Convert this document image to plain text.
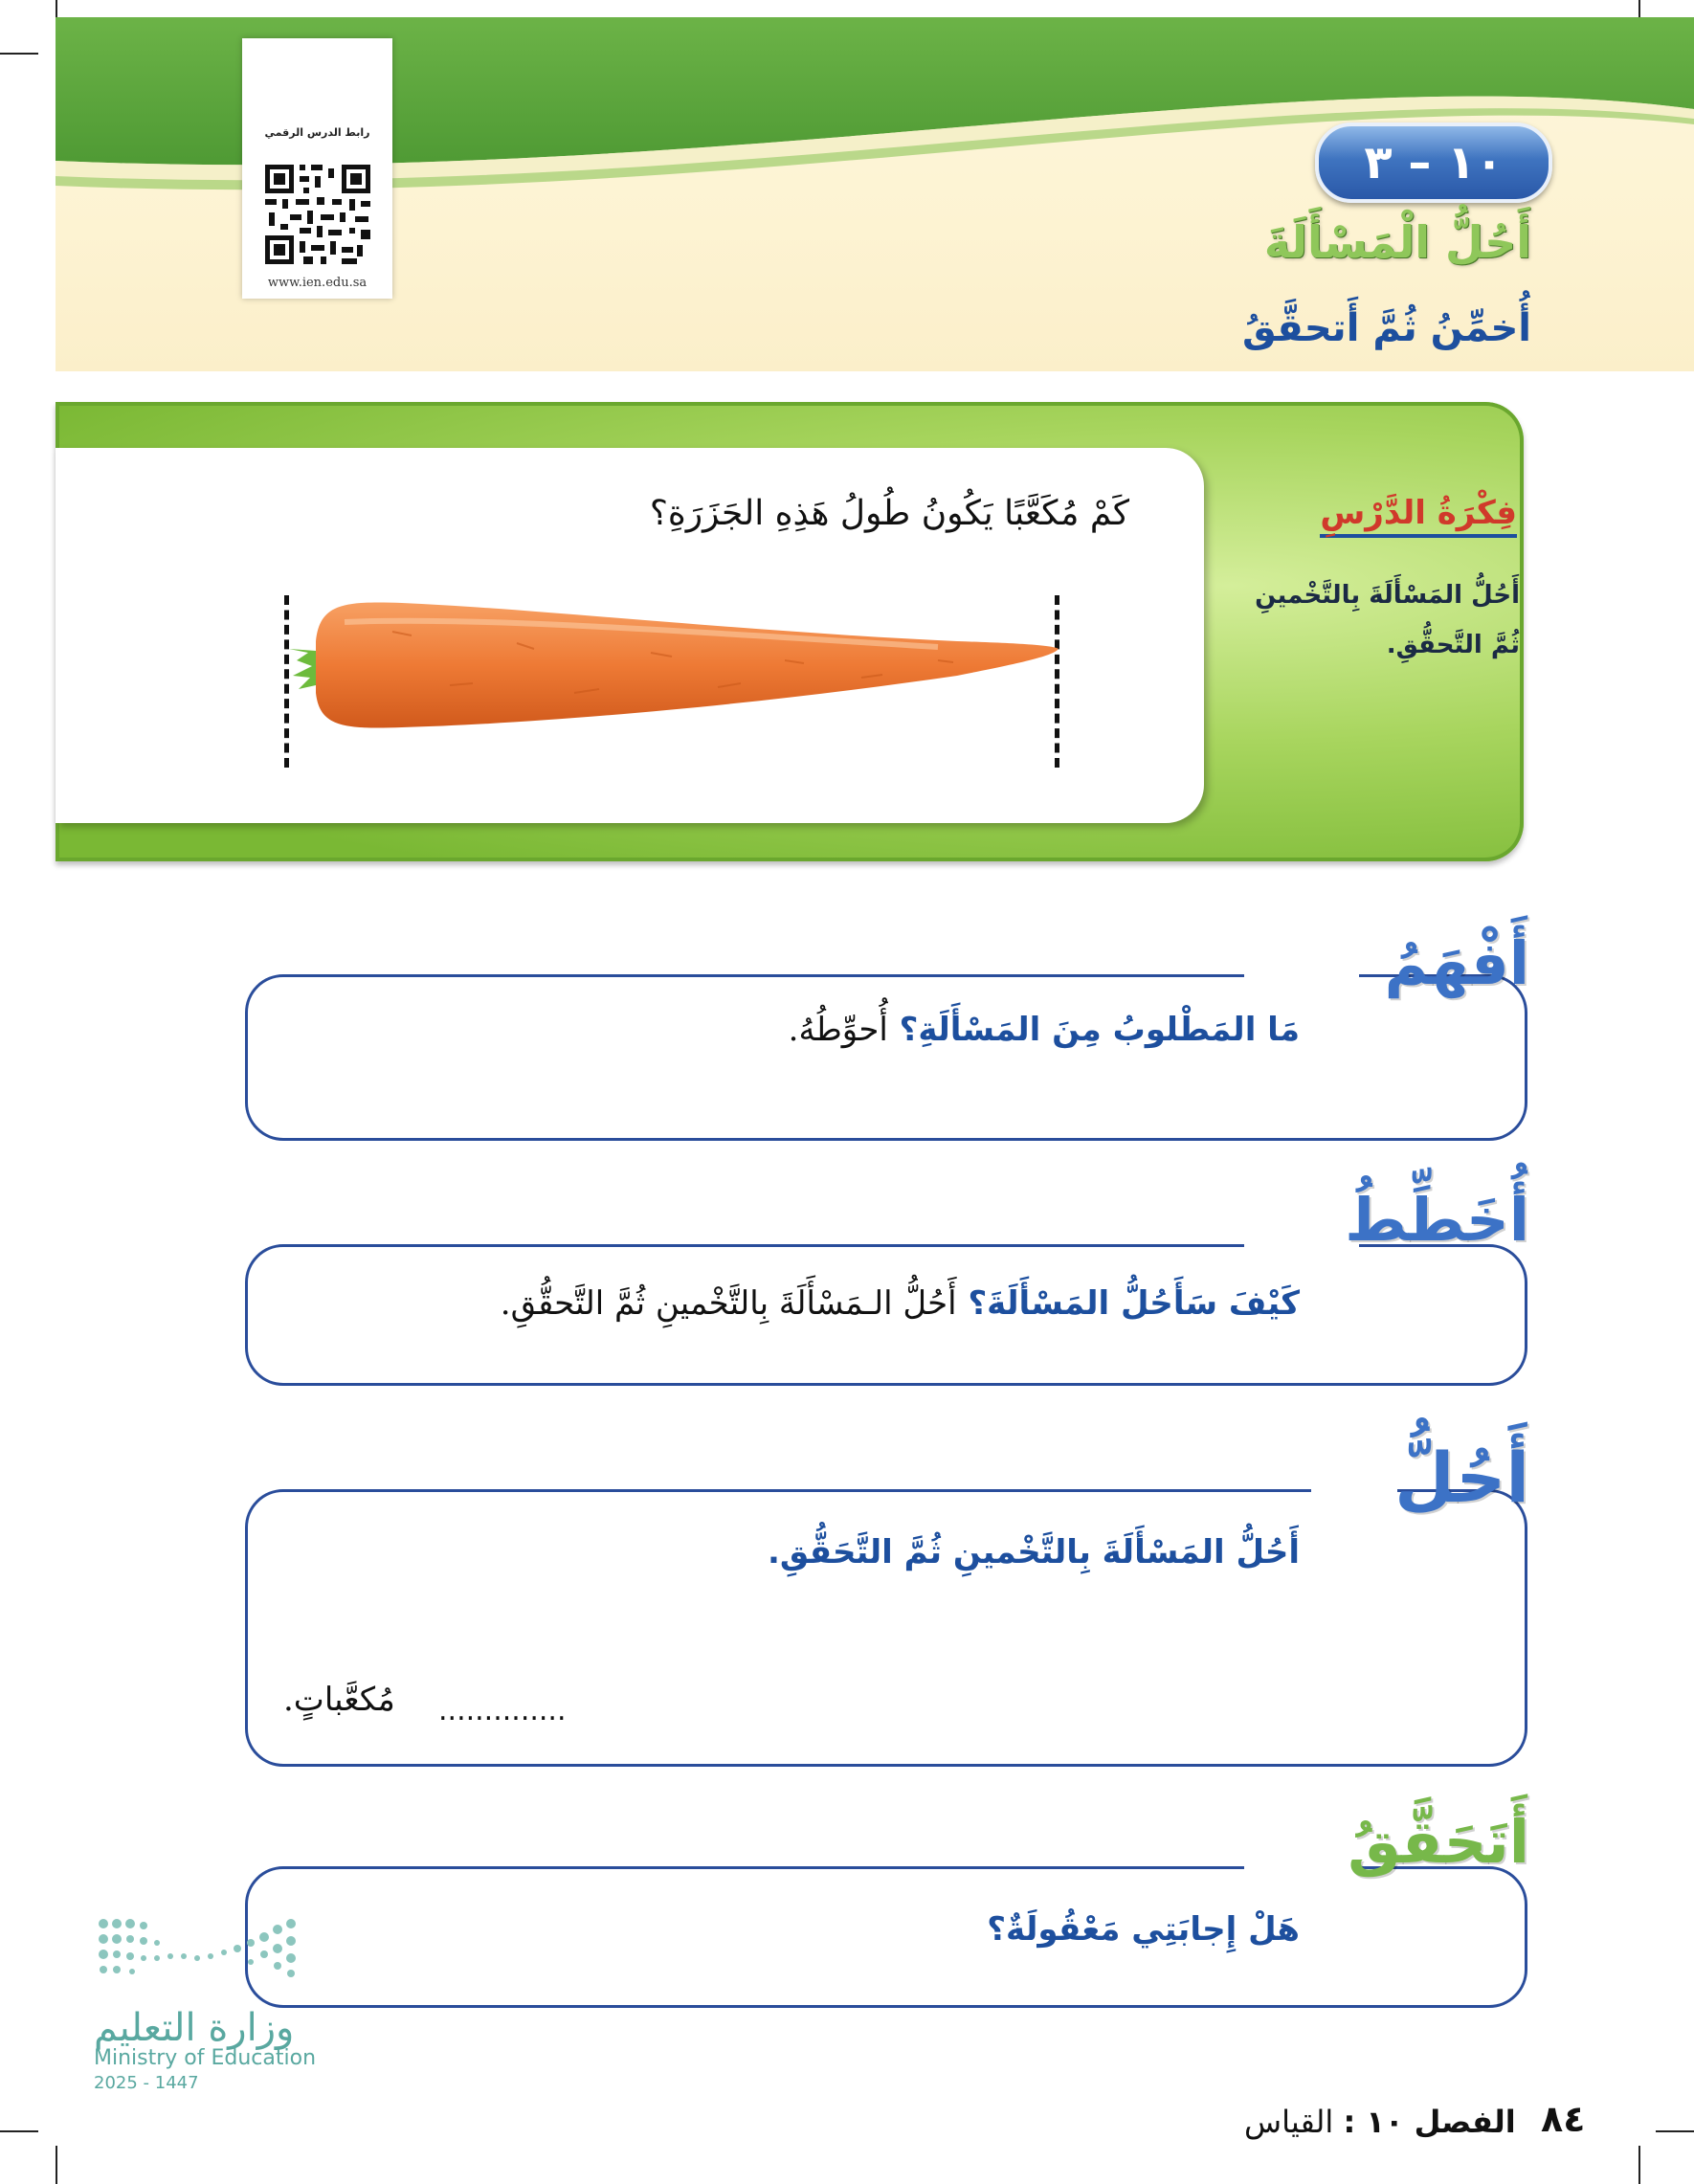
رابط الدرس الرقمي
www.ien.edu.sa
١٠ – ٣
أَحُلُّ الْمَسْأَلَةَ
أُخمِّنُ ثُمَّ أَتحقَّقُ
فِكْرَةُ الدَّرْسِ
أَحُلُّ المَسْأَلَةَ بِالتَّخْمينِ ثُمَّ التَّحقُّقِ.
كَمْ مُكَعَّبًا يَكُونُ طُولُ هَذِهِ الجَزَرَةِ؟
أَفْهَمُ
مَا المَطْلوبُ مِنَ المَسْأَلَةِ؟ أُحوِّطُهُ.
أُخَطِّطُ
كَيْفَ سَأَحُلُّ المَسْأَلَةَ؟ أَحُلُّ الـمَسْأَلَةَ بِالتَّخْمينِ ثُمَّ التَّحقُّقِ.
أَحُلُّ
أَحُلُّ المَسْأَلَةَ بِالتَّخْمينِ ثُمَّ التَّحَقُّقِ.
..............
مُكعَّباتٍ.
أَتَحَقَّقُ
هَلْ إِجابَتِي مَعْقُولَةٌ؟
وزارة التعليم
Ministry of Education
2025 - 1447
الفصل ١٠ : القياس	٨٤
